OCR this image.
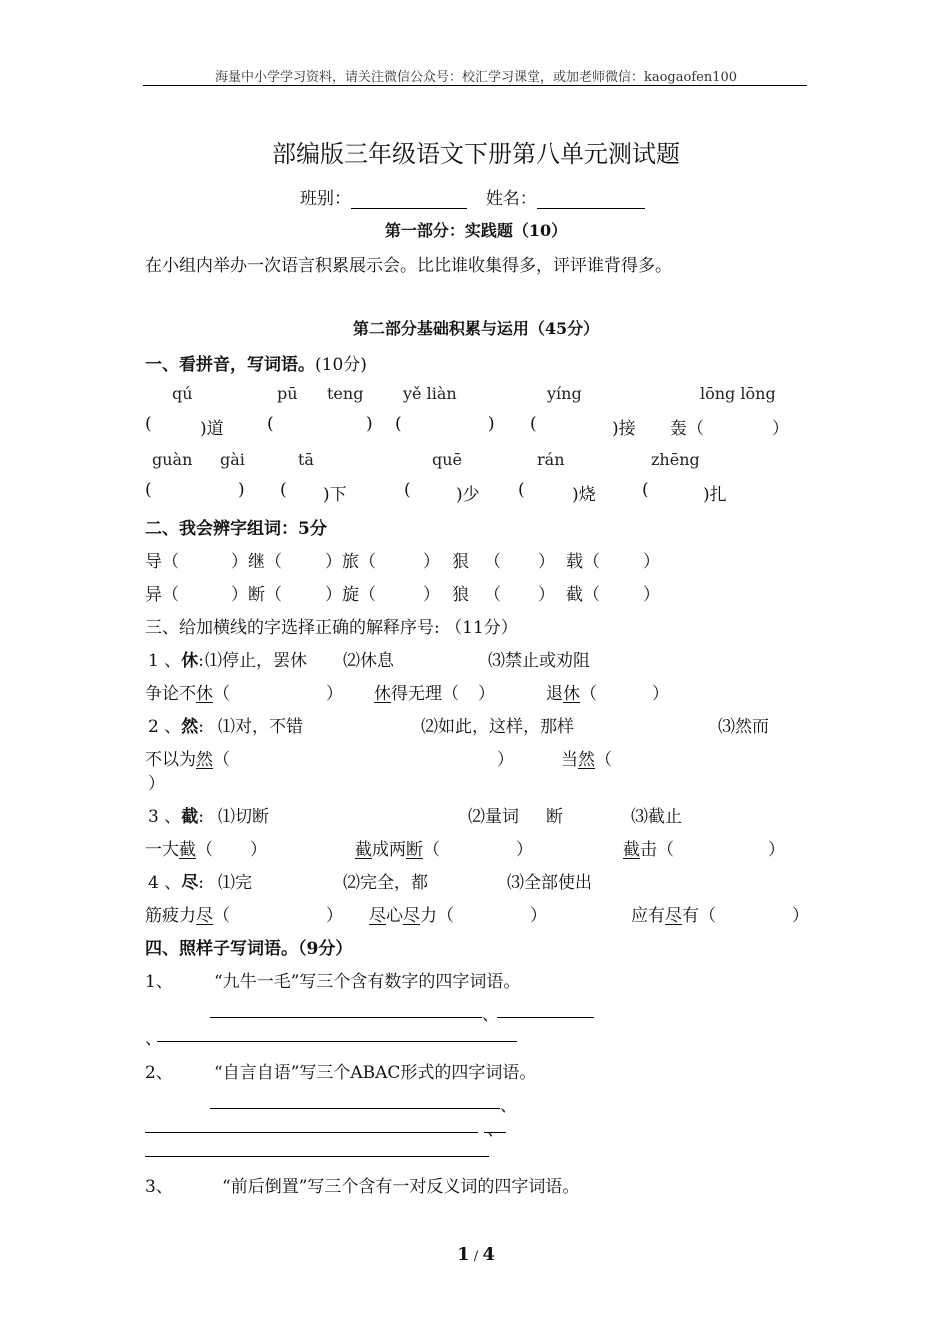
海量中小学学习资料，请关注微信公众号：校汇学习课堂，或加老师微信：kaogaofen100
部编版三年级语文下册第八单元测试题
班别：	姓名：
第一部分：实践题（10）
在小组内举办一次语言积累展示会。比比谁收集得多，评评谁背得多。
第二部分基础积累与运用（45分）
一、看拼音，写词语。(10分)
qú	pū teng yě liàn	yíng	lōng lōng
(	)道	(	) (	) (	)接 轰（	）
guàn gài	tā	quē	rán	zhēng
(	) ( )下	(	)少 (	)烧	(	)扎
二、我会辨字组词：5分
导（	）继（	）旅（	） 狠 （ ） 载（	）
异（	）断（	）旋（	） 狼 （ ） 截（	）
三、给加横线的字选择正确的解释序号: （11分）
1 、休: ⑴停止，罢休 ⑵休息	⑶禁止或劝阻
争论不休（	） 休得无理（ ）	退休（	）
2 、然: ⑴对，不错	⑵如此，这样，那样	⑶然而
不以为然（	）	当然（
）
3 、截: ⑴切断	⑵量词 断	⑶截止
一大截（ ）	截成两断（	）	截击（	）
4 、尽: ⑴完	⑵完全，都	⑶全部使出
筋疲力尽（	） 尽心尽力（	）	应有尽有（	）
四、照样子写词语。（9分）
1、 “九牛一毛”写三个含有数字的四字词语。
、
、
2、 “自言自语”写三个ABAC形式的四字词语。
、
、
3、	“前后倒置”写三个含有一对反义词的四字词语。
1 / 4
